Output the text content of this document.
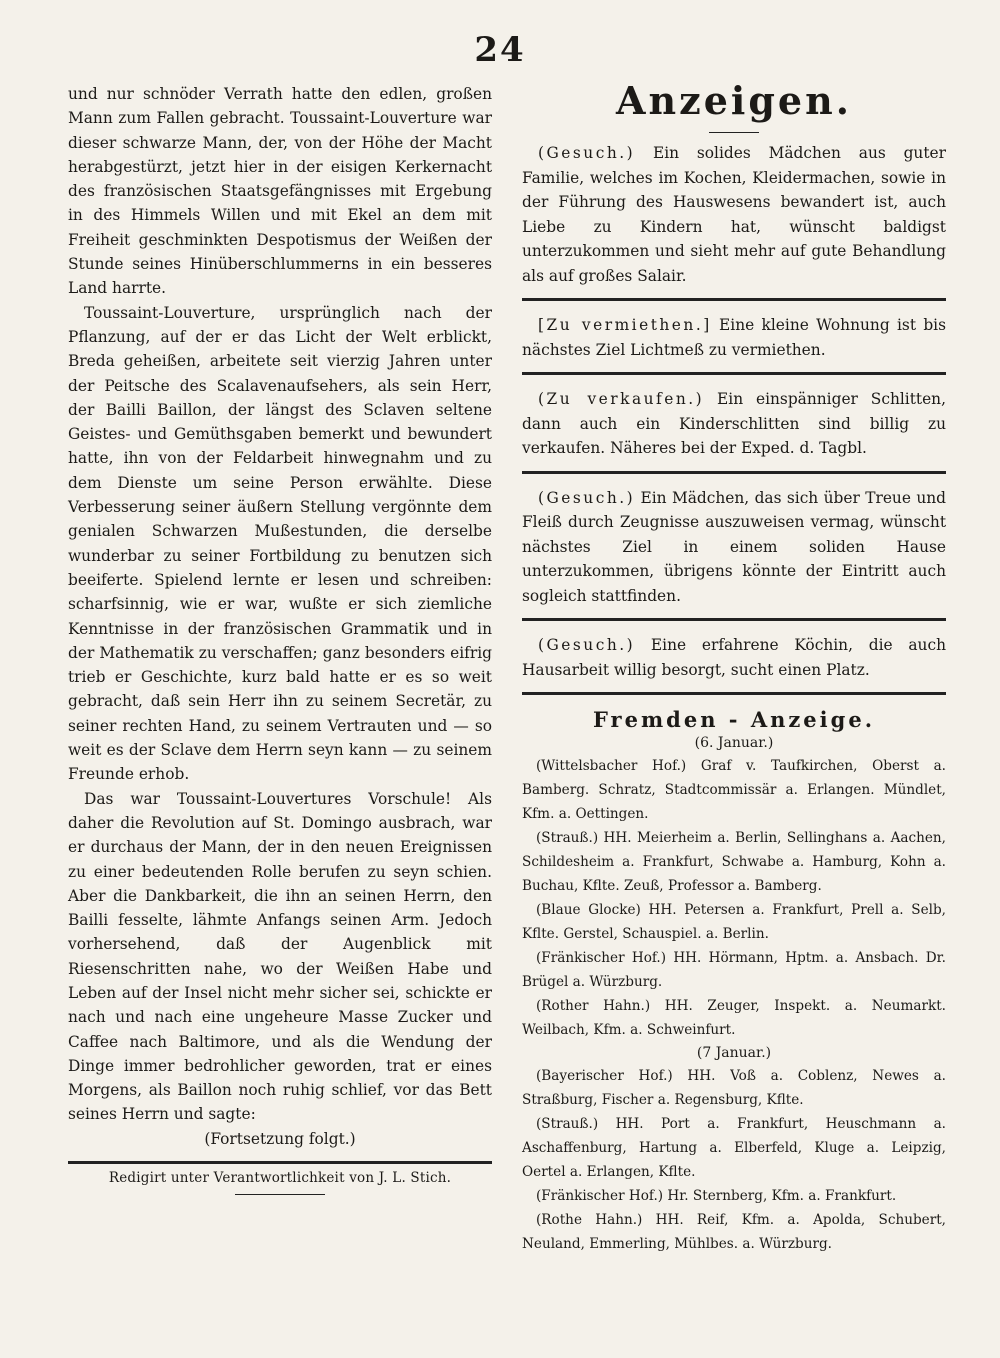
24

und nur schnöder Verrath hatte den edlen, großen Mann zum Fallen gebracht. Toussaint-Louverture war dieser schwarze Mann, der, von der Höhe der Macht herabgestürzt, jetzt hier in der eisigen Kerkernacht des französischen Staatsgefängnisses mit Ergebung in des Himmels Willen und mit Ekel an dem mit Freiheit geschminkten Despotismus der Weißen der Stunde seines Hinüberschlummerns in ein besseres Land harrte.

Toussaint-Louverture, ursprünglich nach der Pflanzung, auf der er das Licht der Welt erblickt, Breda geheißen, arbeitete seit vierzig Jahren unter der Peitsche des Scalavenaufsehers, als sein Herr, der Bailli Baillon, der längst des Sclaven seltene Geistes- und Gemüthsgaben bemerkt und bewundert hatte, ihn von der Feldarbeit hinwegnahm und zu dem Dienste um seine Person erwählte. Diese Verbesserung seiner äußern Stellung vergönnte dem genialen Schwarzen Mußestunden, die derselbe wunderbar zu seiner Fortbildung zu benutzen sich beeiferte. Spielend lernte er lesen und schreiben: scharfsinnig, wie er war, wußte er sich ziemliche Kenntnisse in der französischen Grammatik und in der Mathematik zu verschaffen; ganz besonders eifrig trieb er Geschichte, kurz bald hatte er es so weit gebracht, daß sein Herr ihn zu seinem Secretär, zu seiner rechten Hand, zu seinem Vertrauten und — so weit es der Sclave dem Herrn seyn kann — zu seinem Freunde erhob.

Das war Toussaint-Louvertures Vorschule! Als daher die Revolution auf St. Domingo ausbrach, war er durchaus der Mann, der in den neuen Ereignissen zu einer bedeutenden Rolle berufen zu seyn schien. Aber die Dankbarkeit, die ihn an seinen Herrn, den Bailli fesselte, lähmte Anfangs seinen Arm. Jedoch vorhersehend, daß der Augenblick mit Riesenschritten nahe, wo der Weißen Habe und Leben auf der Insel nicht mehr sicher sei, schickte er nach und nach eine ungeheure Masse Zucker und Caffee nach Baltimore, und als die Wendung der Dinge immer bedrohlicher geworden, trat er eines Morgens, als Baillon noch ruhig schlief, vor das Bett seines Herrn und sagte:

(Fortsetzung folgt.)

Redigirt unter Verantwortlichkeit von J. L. Stich.
Anzeigen.

(Gesuch.) Ein solides Mädchen aus guter Familie, welches im Kochen, Kleidermachen, sowie in der Führung des Hauswesens bewandert ist, auch Liebe zu Kindern hat, wünscht baldigst unterzukommen und sieht mehr auf gute Behandlung als auf großes Salair.

[Zu vermiethen.] Eine kleine Wohnung ist bis nächstes Ziel Lichtmeß zu vermiethen.

(Zu verkaufen.) Ein einspänniger Schlitten, dann auch ein Kinderschlitten sind billig zu verkaufen. Näheres bei der Exped. d. Tagbl.

(Gesuch.) Ein Mädchen, das sich über Treue und Fleiß durch Zeugnisse auszuweisen vermag, wünscht nächstes Ziel in einem soliden Hause unterzukommen, übrigens könnte der Eintritt auch sogleich stattfinden.

(Gesuch.) Eine erfahrene Köchin, die auch Hausarbeit willig besorgt, sucht einen Platz.

Fremden - Anzeige.
(6. Januar.)

(Wittelsbacher Hof.) Graf v. Taufkirchen, Oberst a. Bamberg. Schratz, Stadtcommissär a. Erlangen. Mündlet, Kfm. a. Oettingen.

(Strauß.) HH. Meierheim a. Berlin, Sellinghans a. Aachen, Schildesheim a. Frankfurt, Schwabe a. Hamburg, Kohn a. Buchau, Kflte. Zeuß, Professor a. Bamberg.

(Blaue Glocke) HH. Petersen a. Frankfurt, Prell a. Selb, Kflte. Gerstel, Schauspiel. a. Berlin.

(Fränkischer Hof.) HH. Hörmann, Hptm. a. Ansbach. Dr. Brügel a. Würzburg.

(Rother Hahn.) HH. Zeuger, Inspekt. a. Neumarkt. Weilbach, Kfm. a. Schweinfurt.

(7 Januar.)

(Bayerischer Hof.) HH. Voß a. Coblenz, Newes a. Straßburg, Fischer a. Regensburg, Kflte.

(Strauß.) HH. Port a. Frankfurt, Heuschmann a. Aschaffenburg, Hartung a. Elberfeld, Kluge a. Leipzig, Oertel a. Erlangen, Kflte.

(Fränkischer Hof.) Hr. Sternberg, Kfm. a. Frankfurt.

(Rothe Hahn.) HH. Reif, Kfm. a. Apolda, Schubert, Neuland, Emmerling, Mühlbes. a. Würzburg.
